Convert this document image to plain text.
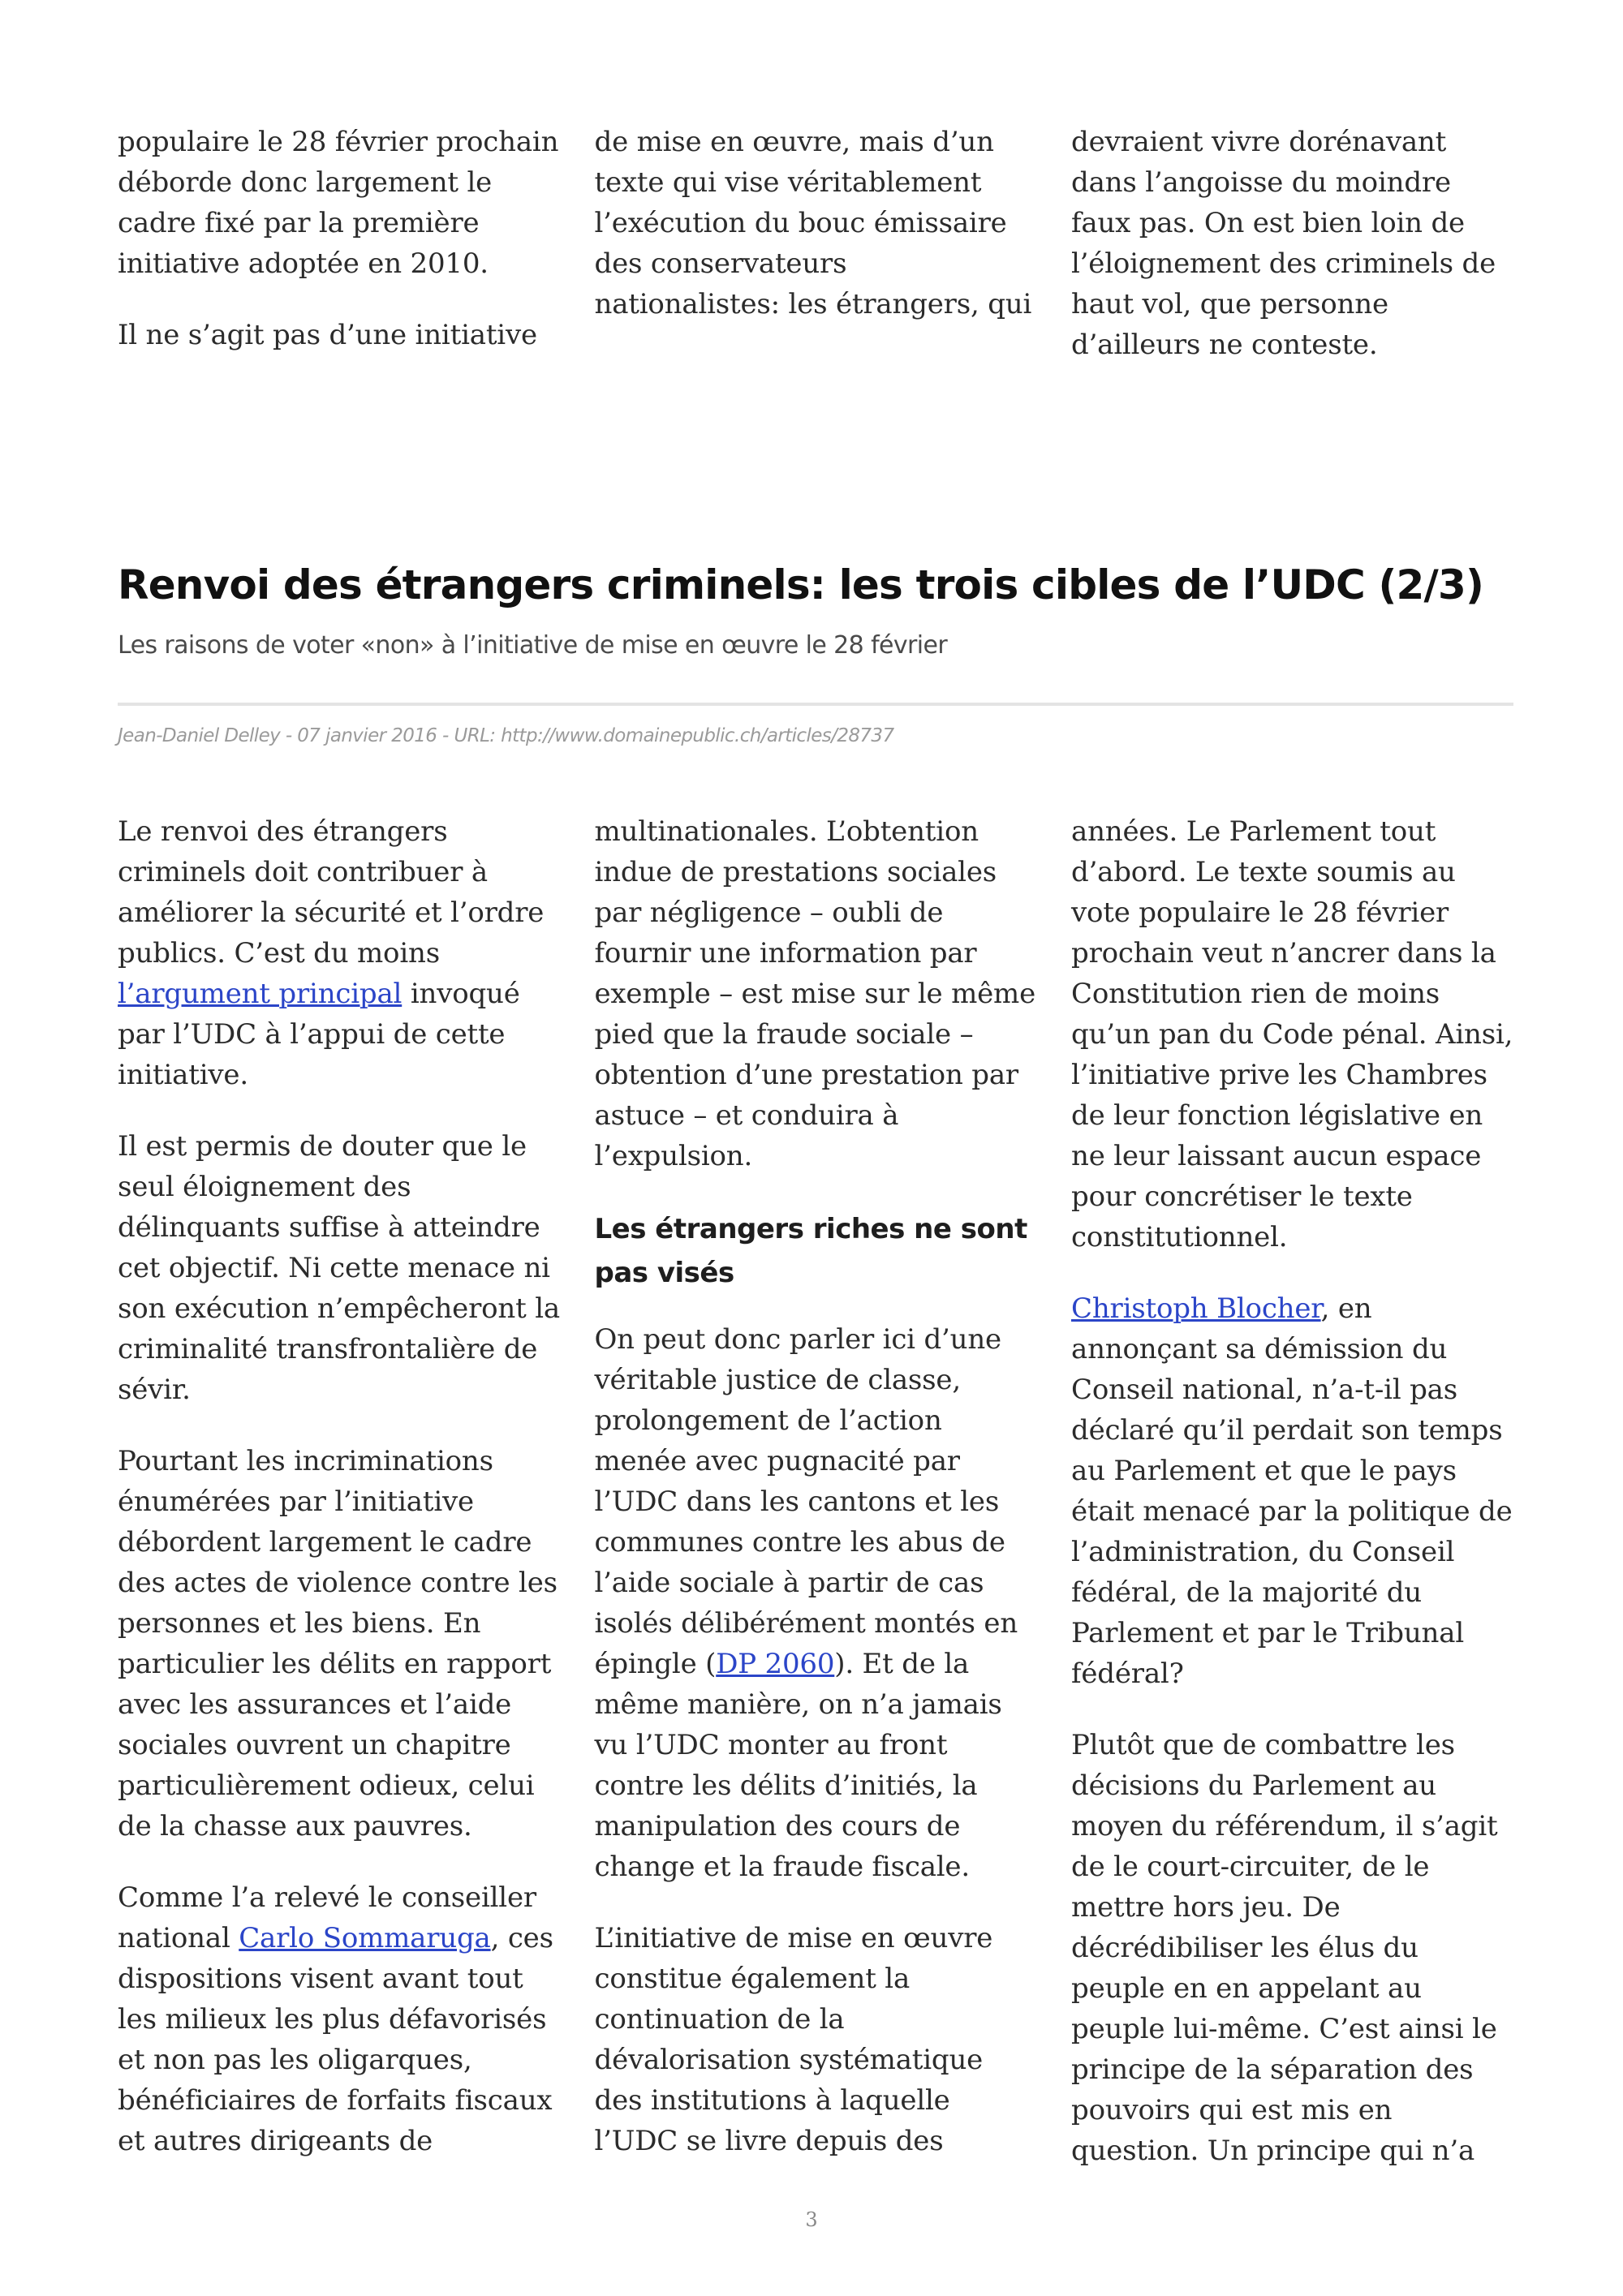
populaire le 28 février prochain déborde donc largement le cadre fixé par la première initiative adoptée en 2010.

Il ne s’agit pas d’une initiative

de mise en œuvre, mais d’un texte qui vise véritablement l’exécution du bouc émissaire des conservateurs nationalistes: les étrangers, qui

devraient vivre dorénavant dans l’angoisse du moindre faux pas. On est bien loin de l’éloignement des criminels de haut vol, que personne d’ailleurs ne conteste.

Renvoi des étrangers criminels: les trois cibles de l’UDC (2/3)

Les raisons de voter «non» à l’initiative de mise en œuvre le 28 février

Jean-Daniel Delley - 07 janvier 2016 - URL: http://www.domainepublic.ch/articles/28737

Le renvoi des étrangers criminels doit contribuer à améliorer la sécurité et l’ordre publics. C’est du moins l’argument principal invoqué par l’UDC à l’appui de cette initiative.

Il est permis de douter que le seul éloignement des délinquants suffise à atteindre cet objectif. Ni cette menace ni son exécution n’empêcheront la criminalité transfrontalière de sévir.

Pourtant les incriminations énumérées par l’initiative débordent largement le cadre des actes de violence contre les personnes et les biens. En particulier les délits en rapport avec les assurances et l’aide sociales ouvrent un chapitre particulièrement odieux, celui de la chasse aux pauvres.

Comme l’a relevé le conseiller national Carlo Sommaruga, ces dispositions visent avant tout les milieux les plus défavorisés et non pas les oligarques, bénéficiaires de forfaits fiscaux et autres dirigeants de

multinationales. L’obtention indue de prestations sociales par négligence – oubli de fournir une information par exemple – est mise sur le même pied que la fraude sociale – obtention d’une prestation par astuce – et conduira à l’expulsion.

Les étrangers riches ne sont pas visés

On peut donc parler ici d’une véritable justice de classe, prolongement de l’action menée avec pugnacité par l’UDC dans les cantons et les communes contre les abus de l’aide sociale à partir de cas isolés délibérément montés en épingle (DP 2060). Et de la même manière, on n’a jamais vu l’UDC monter au front contre les délits d’initiés, la manipulation des cours de change et la fraude fiscale.

L’initiative de mise en œuvre constitue également la continuation de la dévalorisation systématique des institutions à laquelle l’UDC se livre depuis des

années. Le Parlement tout d’abord. Le texte soumis au vote populaire le 28 février prochain veut n’ancrer dans la Constitution rien de moins qu’un pan du Code pénal. Ainsi, l’initiative prive les Chambres de leur fonction législative en ne leur laissant aucun espace pour concrétiser le texte constitutionnel.

Christoph Blocher, en annonçant sa démission du Conseil national, n’a-t-il pas déclaré qu’il perdait son temps au Parlement et que le pays était menacé par la politique de l’administration, du Conseil fédéral, de la majorité du Parlement et par le Tribunal fédéral?

Plutôt que de combattre les décisions du Parlement au moyen du référendum, il s’agit de le court-circuiter, de le mettre hors jeu. De décrédibiliser les élus du peuple en en appelant au peuple lui-même. C’est ainsi le principe de la séparation des pouvoirs qui est mis en question. Un principe qui n’a

3
